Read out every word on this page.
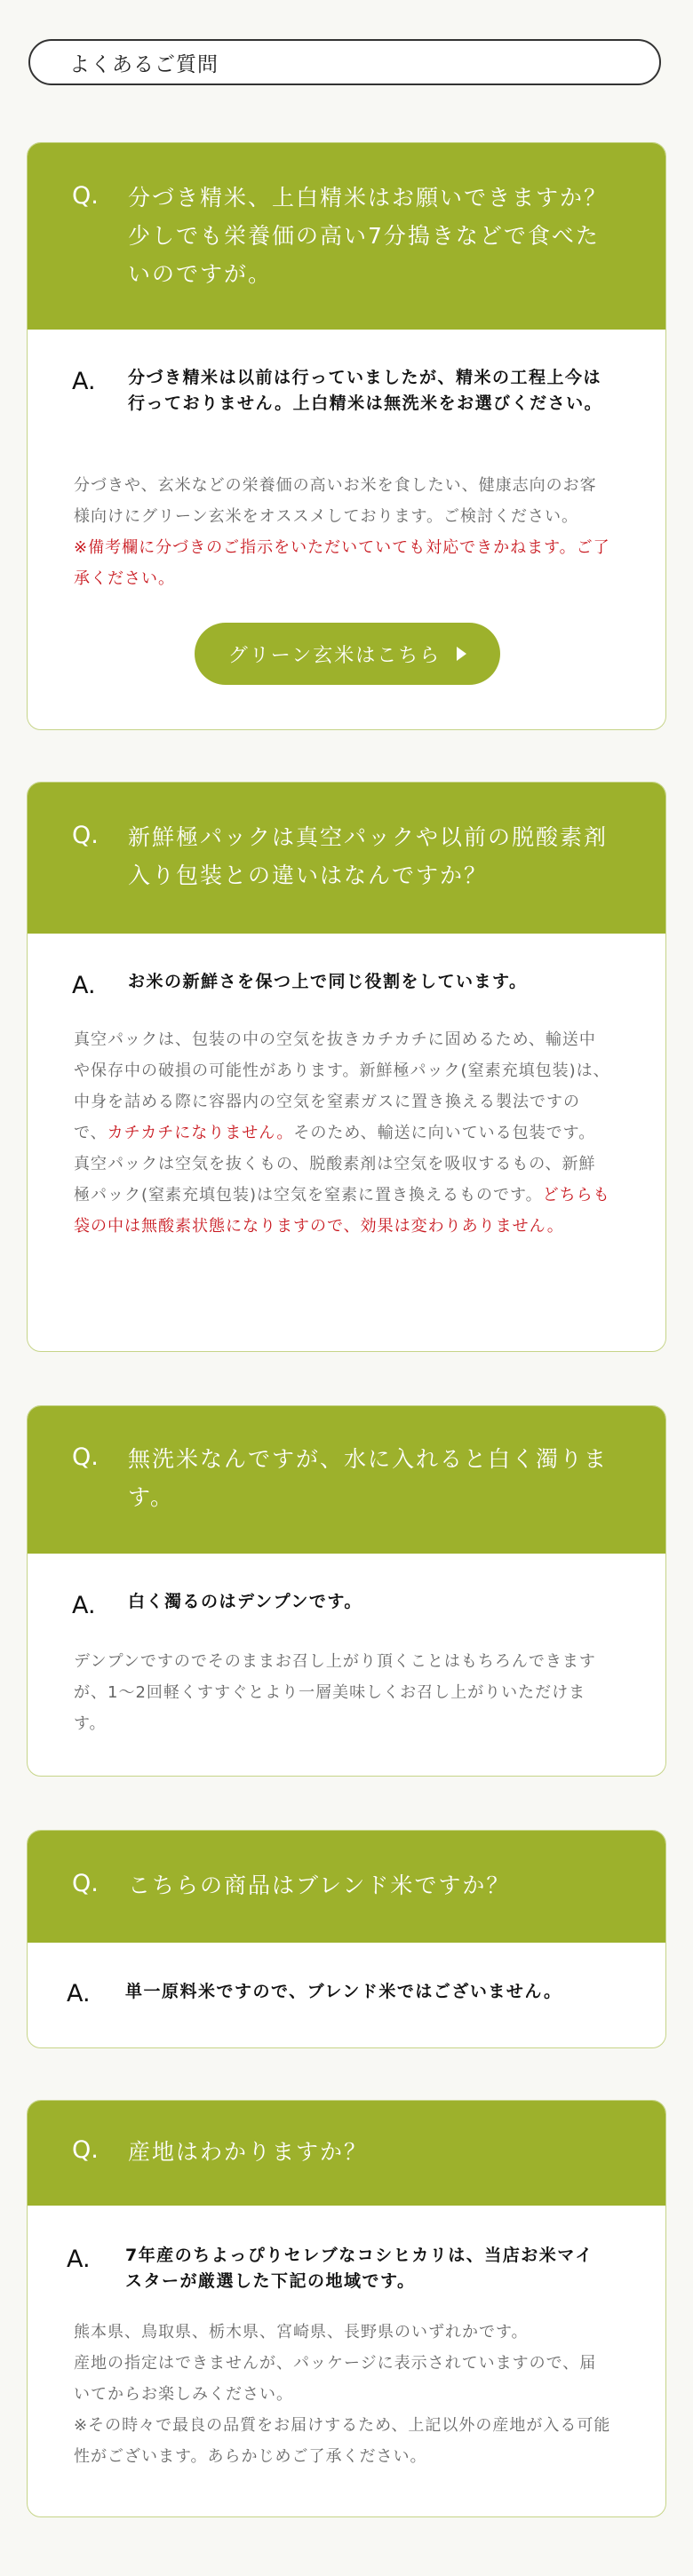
よくあるご質問
Q. 分づき精米、上白精米はお願いできますか？少しでも栄養価の高い7分搗きなどで食べたいのですが。
A. 分づき精米は以前は行っていましたが、精米の工程上今は行っておりません。上白精米は無洗米をお選びください。
分づきや、玄米などの栄養価の高いお米を食したい、健康志向のお客様向けにグリーン玄米をオススメしております。ご検討ください。
※備考欄に分づきのご指示をいただいていても対応できかねます。ご了承ください。
グリーン玄米はこちら
Q. 新鮮極パックは真空パックや以前の脱酸素剤入り包装との違いはなんですか？
A. お米の新鮮さを保つ上で同じ役割をしています。
真空パックは、包装の中の空気を抜きカチカチに固めるため、輸送中や保存中の破損の可能性があります。新鮮極パック(窒素充填包装)は、中身を詰める際に容器内の空気を窒素ガスに置き換える製法ですので、カチカチになりません。そのため、輸送に向いている包装です。
真空パックは空気を抜くもの、脱酸素剤は空気を吸収するもの、新鮮極パック(窒素充填包装)は空気を窒素に置き換えるものです。どちらも袋の中は無酸素状態になりますので、効果は変わりありません。
Q. 無洗米なんですが、水に入れると白く濁ります。
A. 白く濁るのはデンプンです。
デンプンですのでそのままお召し上がり頂くことはもちろんできますが、1〜2回軽くすすぐとより一層美味しくお召し上がりいただけます。
Q. こちらの商品はブレンド米ですか？
A. 単一原料米ですので、ブレンド米ではございません。
Q. 産地はわかりますか？
A. 7年産のちよっぴりセレブなコシヒカリは、当店お米マイスターが厳選した下記の地域です。
熊本県、鳥取県、栃木県、宮崎県、長野県のいずれかです。
産地の指定はできませんが、パッケージに表示されていますので、届いてからお楽しみください。
※その時々で最良の品質をお届けするため、上記以外の産地が入る可能性がございます。あらかじめご了承ください。
